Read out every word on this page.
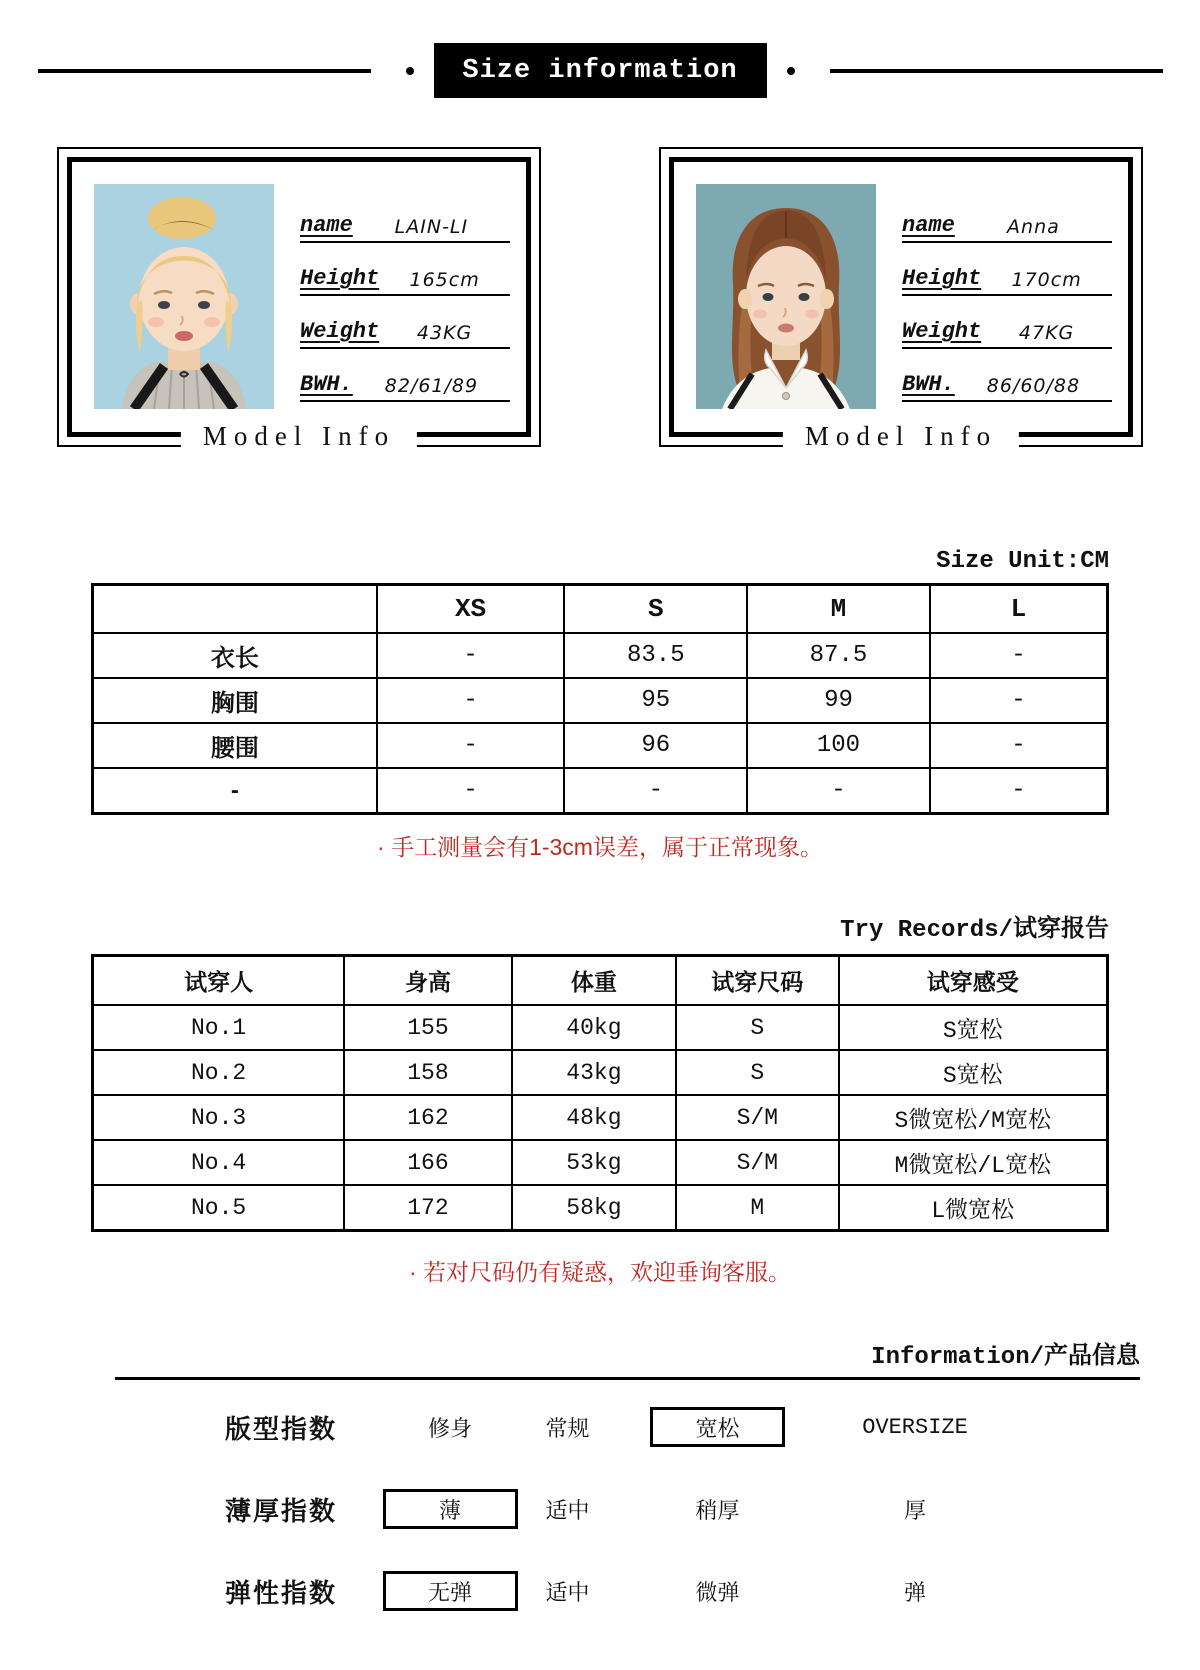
Size information
name	LAIN-LI
Height	165cm
Weight	43KG
BWH.	82/61/89
Model Info
name	Anna
Height	170cm
Weight	47KG
BWH.	86/60/88
Model Info
Size Unit:CM
	XS	S	M	L
衣长	-	83.5	87.5	-
胸围	-	95	99	-
腰围	-	96	100	-
-	-	-	-	-
· 手工测量会有1-3cm误差，属于正常现象。
Try Records/试穿报告
试穿人	身高	体重	试穿尺码	试穿感受
No.1	155	40kg	S	S宽松
No.2	158	43kg	S	S宽松
No.3	162	48kg	S/M	S微宽松/M宽松
No.4	166	53kg	S/M	M微宽松/L宽松
No.5	172	58kg	M	L微宽松
· 若对尺码仍有疑惑，欢迎垂询客服。
Information/产品信息
版型指数	修身	常规	宽松	OVERSIZE
薄厚指数	薄	适中	稍厚	厚
弹性指数	无弹	适中	微弹	弹
